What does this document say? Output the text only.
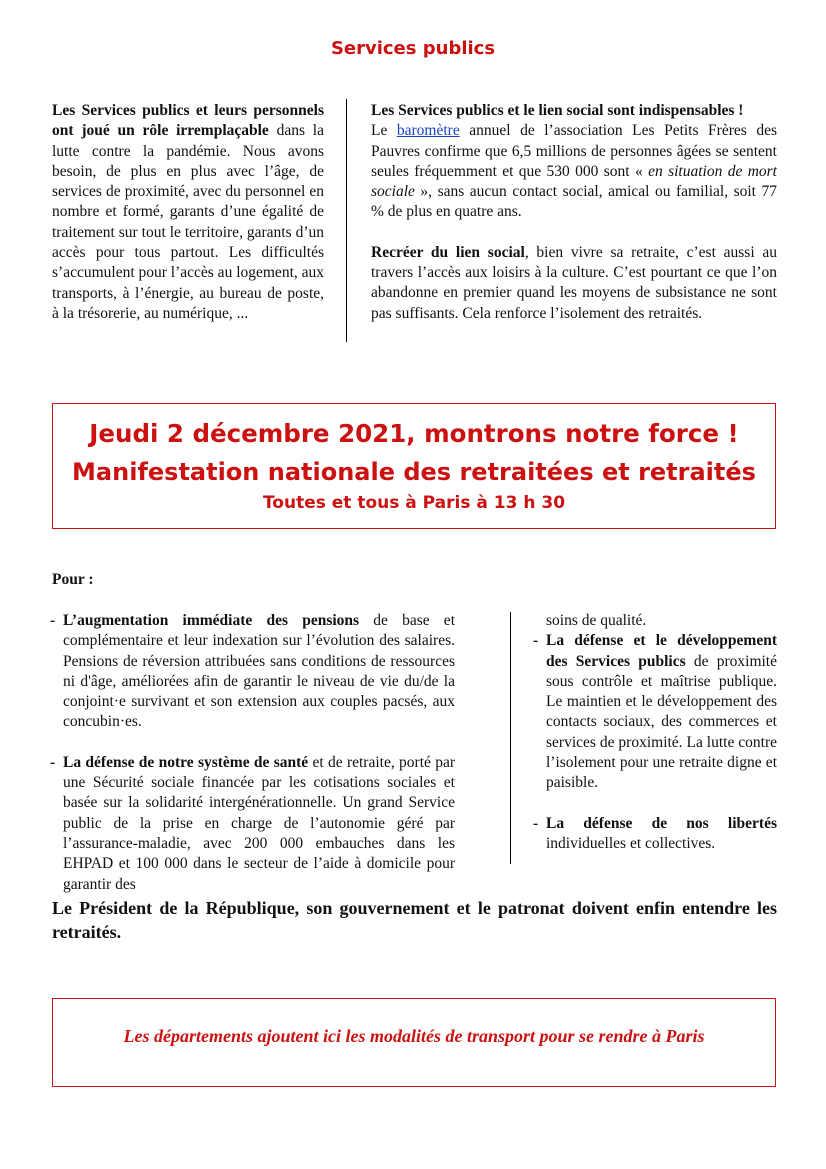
Services publics
Les Services publics et leurs personnels ont joué un rôle irremplaçable dans la lutte contre la pandémie. Nous avons besoin, de plus en plus avec l’âge, de services de proximité, avec du personnel en nombre et formé, garants d’une égalité de traitement sur tout le territoire, garants d’un accès pour tous partout. Les difficultés s’accumulent pour l’accès au logement, aux transports, à l’énergie, au bureau de poste, à la trésorerie, au numérique, ...

Les Services publics et le lien social sont indispensables !
Le baromètre annuel de l’association Les Petits Frères des Pauvres confirme que 6,5 millions de personnes âgées se sentent seules fréquemment et que 530 000 sont « en situation de mort sociale », sans aucun contact social, amical ou familial, soit 77 % de plus en quatre ans.

Recréer du lien social, bien vivre sa retraite, c’est aussi au travers l’accès aux loisirs à la culture. C’est pourtant ce que l’on abandonne en premier quand les moyens de subsistance ne sont pas suffisants. Cela renforce l’isolement des retraités.

Jeudi 2 décembre 2021, montrons notre force !
Manifestation nationale des retraitées et retraités
Toutes et tous à Paris à 13 h 30
Pour :
- L’augmentation immédiate des pensions de base et complémentaire et leur indexation sur l’évolution des salaires. Pensions de réversion attribuées sans conditions de ressources ni d'âge, améliorées afin de garantir le niveau de vie du/de la conjoint·e survivant et son extension aux couples pacsés, aux concubin·es.
- La défense de notre système de santé et de retraite, porté par une Sécurité sociale financée par les cotisations sociales et basée sur la solidarité intergénérationnelle. Un grand Service public de la prise en charge de l’autonomie géré par l’assurance-maladie, avec 200 000 embauches dans les EHPAD et 100 000 dans le secteur de l’aide à domicile pour garantir des
soins de qualité.
- La défense et le développement des Services publics de proximité sous contrôle et maîtrise publique. Le maintien et le développement des contacts sociaux, des commerces et services de proximité. La lutte contre l’isolement pour une retraite digne et paisible.
- La défense de nos libertés individuelles et collectives.
Le Président de la République, son gouvernement et le patronat doivent enfin entendre les retraités.
Les départements ajoutent ici les modalités de transport pour se rendre à Paris
